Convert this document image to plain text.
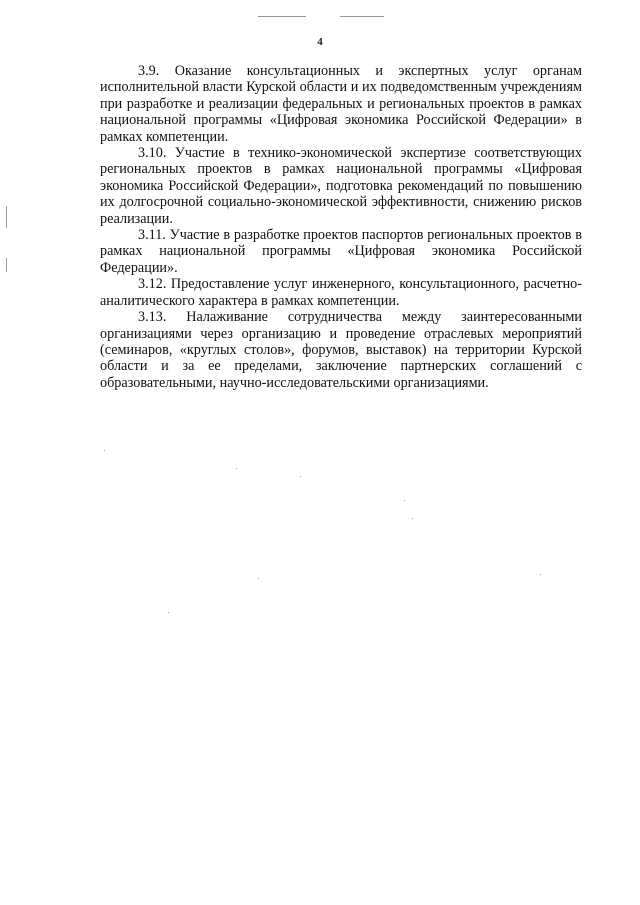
4

3.9. Оказание консультационных и экспертных услуг органам исполнительной власти Курской области и их подведомственным учреждениям при разработке и реализации федеральных и региональных проектов в рамках национальной программы «Цифровая экономика Российской Федерации» в рамках компетенции.

3.10. Участие в технико-экономической экспертизе соответствующих региональных проектов в рамках национальной программы «Цифровая экономика Российской Федерации», подготовка рекомендаций по повышению их долгосрочной социально-экономической эффективности, снижению рисков реализации.

3.11. Участие в разработке проектов паспортов региональных проектов в рамках национальной программы «Цифровая экономика Российской Федерации».

3.12. Предоставление услуг инженерного, консультационного, расчетно-аналитического характера в рамках компетенции.

3.13. Налаживание сотрудничества между заинтересованными организациями через организацию и проведение отраслевых мероприятий (семинаров, «круглых столов», форумов, выставок) на территории Курской области и за ее пределами, заключение партнерских соглашений с образовательными, научно-исследовательскими организациями.
